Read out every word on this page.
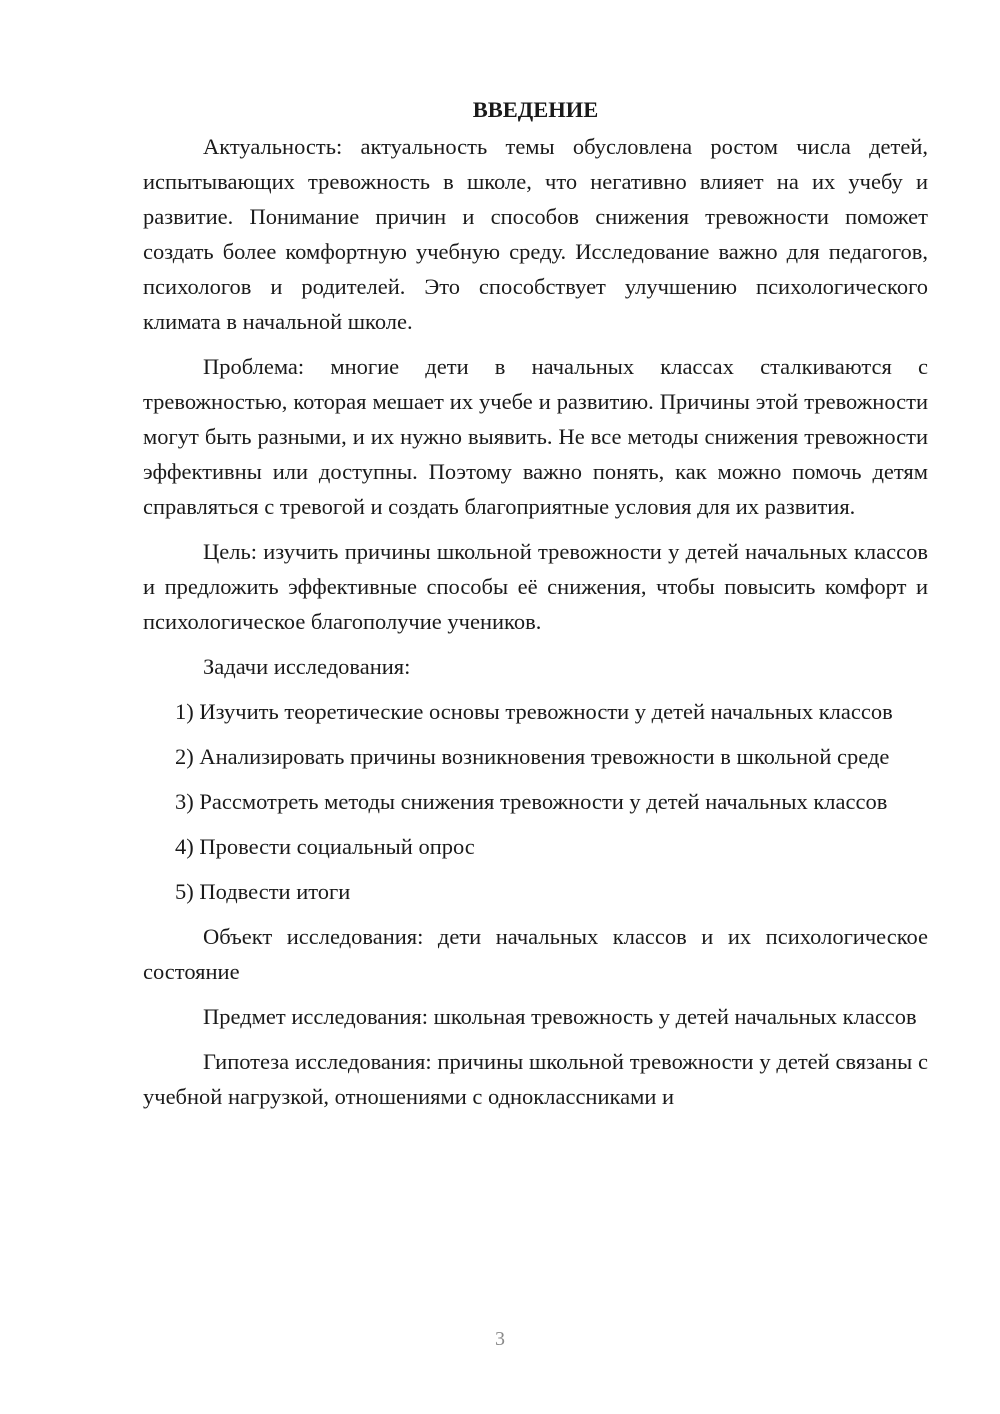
ВВЕДЕНИЕ

Актуальность: актуальность темы обусловлена ростом числа детей, испытывающих тревожность в школе, что негативно влияет на их учебу и развитие. Понимание причин и способов снижения тревожности поможет создать более комфортную учебную среду. Исследование важно для педагогов, психологов и родителей. Это способствует улучшению психологического климата в начальной школе.

Проблема: многие дети в начальных классах сталкиваются с тревожностью, которая мешает их учебе и развитию. Причины этой тревожности могут быть разными, и их нужно выявить. Не все методы снижения тревожности эффективны или доступны. Поэтому важно понять, как можно помочь детям справляться с тревогой и создать благоприятные условия для их развития.

Цель: изучить причины школьной тревожности у детей начальных классов и предложить эффективные способы её снижения, чтобы повысить комфорт и психологическое благополучие учеников.

Задачи исследования:

1) Изучить теоретические основы тревожности у детей начальных классов

2) Анализировать причины возникновения тревожности в школьной среде

3) Рассмотреть методы снижения тревожности у детей начальных классов

4) Провести социальный опрос

5) Подвести итоги

Объект исследования: дети начальных классов и их психологическое состояние

Предмет исследования: школьная тревожность у детей начальных классов

Гипотеза исследования: причины школьной тревожности у детей связаны с учебной нагрузкой, отношениями с одноклассниками и

3
